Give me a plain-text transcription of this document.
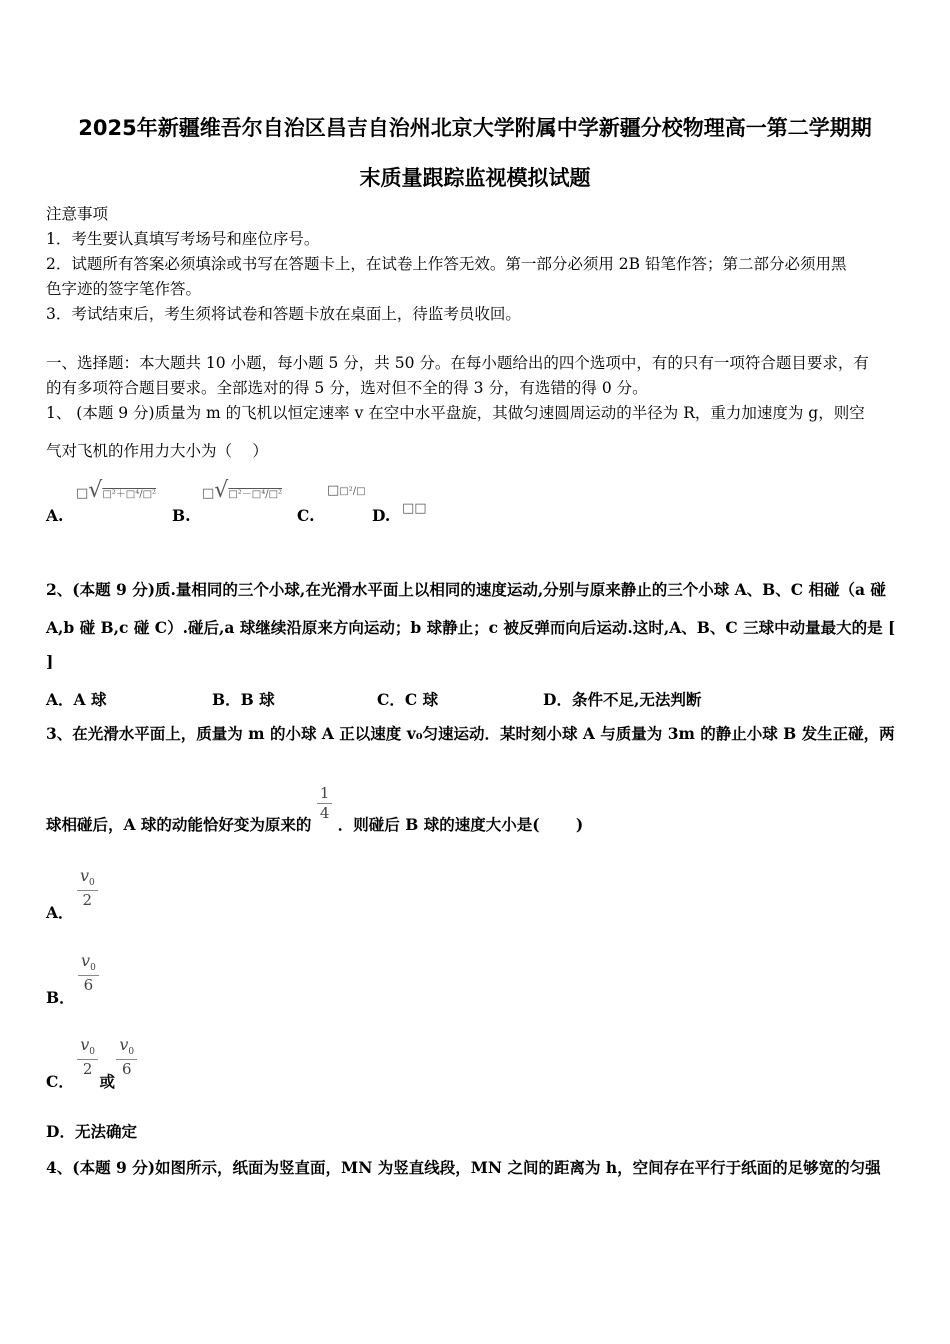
2025年新疆维吾尔自治区昌吉自治州北京大学附属中学新疆分校物理高一第二学期期
末质量跟踪监视模拟试题
注意事项
1．考生要认真填写考场号和座位序号。
2．试题所有答案必须填涂或书写在答题卡上，在试卷上作答无效。第一部分必须用 2B 铅笔作答；第二部分必须用黑
色字迹的签字笔作答。
3．考试结束后，考生须将试卷和答题卡放在桌面上，待监考员收回。
一、选择题：本大题共 10 小题，每小题 5 分，共 50 分。在每小题给出的四个选项中，有的只有一项符合题目要求，有
的有多项符合题目要求。全部选对的得 5 分，选对但不全的得 3 分，有选错的得 0 分。
1、 (本题 9 分)质量为 m 的飞机以恒定速率 v 在空中水平盘旋，其做匀速圆周运动的半径为 R，重力加速度为 g，则空
气对飞机的作用力大小为（　 ）
A.
□√□²＋□⁴/□²
B.
□√□²－□⁴/□²
C.
□□²/□
D. □□
2、(本题 9 分)质.量相同的三个小球,在光滑水平面上以相同的速度运动,分别与原来静止的三个小球 A、B、C 相碰（a 碰
A,b 碰 B,c 碰 C）.碰后,a 球继续沿原来方向运动；b 球静止；c 被反弹而向后运动.这时,A、B、C 三球中动量最大的是 [
]
A．A 球	B．B 球	C．C 球	D．条件不足,无法判断
3、在光滑水平面上，质量为 m 的小球 A 正以速度 v₀匀速运动．某时刻小球 A 与质量为 3m 的静止小球 B 发生正碰，两
球相碰后，A 球的动能恰好变为原来的
$\frac{1}{4}$
．则碰后 B 球的速度大小是(　　 )
A．
$\frac{v_0}{2}$
B．
$\frac{v_0}{6}$
C．
$\frac{v_0}{2}$
或
$\frac{v_0}{6}$
D．无法确定
4、(本题 9 分)如图所示，纸面为竖直面，MN 为竖直线段，MN 之间的距离为 h，空间存在平行于纸面的足够宽的匀强
